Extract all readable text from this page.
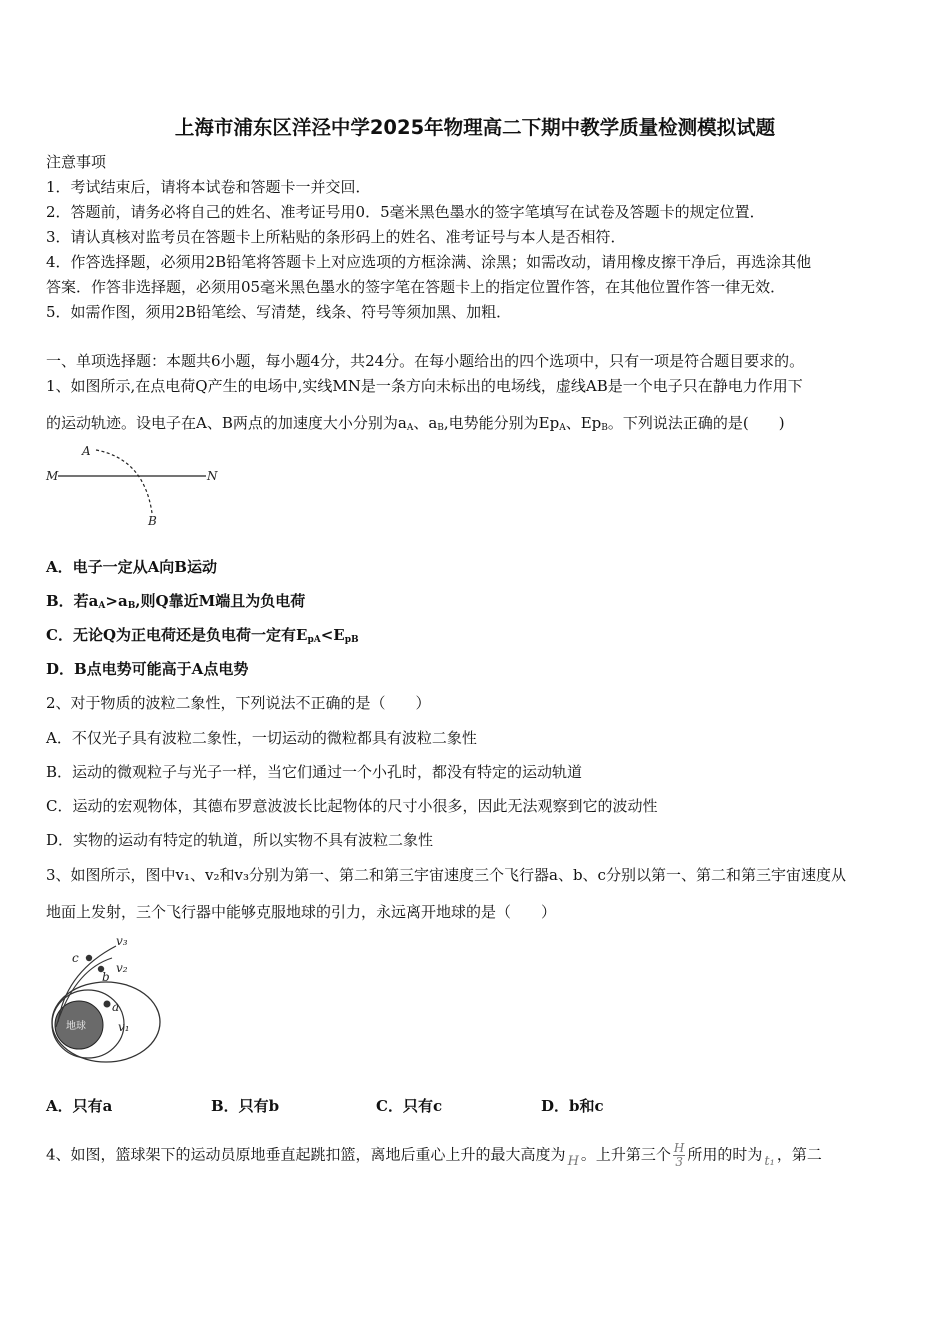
上海市浦东区洋泾中学2025年物理高二下期中教学质量检测模拟试题
注意事项
1．考试结束后，请将本试卷和答题卡一并交回．
2．答题前，请务必将自己的姓名、准考证号用0．5毫米黑色墨水的签字笔填写在试卷及答题卡的规定位置．
3．请认真核对监考员在答题卡上所粘贴的条形码上的姓名、准考证号与本人是否相符．
4．作答选择题，必须用2B铅笔将答题卡上对应选项的方框涂满、涂黑；如需改动，请用橡皮擦干净后，再选涂其他
答案．作答非选择题，必须用05毫米黑色墨水的签字笔在答题卡上的指定位置作答，在其他位置作答一律无效．
5．如需作图，须用2B铅笔绘、写清楚，线条、符号等须加黑、加粗．
一、单项选择题：本题共6小题，每小题4分，共24分。在每小题给出的四个选项中，只有一项是符合题目要求的。
1、如图所示,在点电荷Q产生的电场中,实线MN是一条方向未标出的电场线，虚线AB是一个电子只在静电力作用下
的运动轨迹。设电子在A、B两点的加速度大小分别为$a_A$、$a_B$,电势能分别为$Ep_A$、$Ep_B$。下列说法正确的是(　　)
A
B
M	N
A．电子一定从A向B运动
B．若$a_A>a_B$,则Q靠近M端且为负电荷
C．无论Q为正电荷还是负电荷一定有$E_{pA}<E_{pB}$
D．B点电势可能高于A点电势
2、对于物质的波粒二象性，下列说法不正确的是（　　）
A．不仅光子具有波粒二象性，一切运动的微粒都具有波粒二象性
B．运动的微观粒子与光子一样，当它们通过一个小孔时，都没有特定的运动轨道
C．运动的宏观物体，其德布罗意波波长比起物体的尺寸小很多，因此无法观察到它的波动性
D．实物的运动有特定的轨道，所以实物不具有波粒二象性
3、如图所示，图中v₁、v₂和v₃分别为第一、第二和第三宇宙速度三个飞行器a、b、c分别以第一、第二和第三宇宙速度从
地面上发射，三个飞行器中能够克服地球的引力，永远离开地球的是（　　）
v₃
v₂
v₁
a
b
c
地球
A．只有a	B．只有b	C．只有c	D．b和c
4、如图，篮球架下的运动员原地垂直起跳扣篮，离地后重心上升的最大高度为 H 。上升第三个 $\frac{H}{3}$ 所用的时为 t₁ ，第二
